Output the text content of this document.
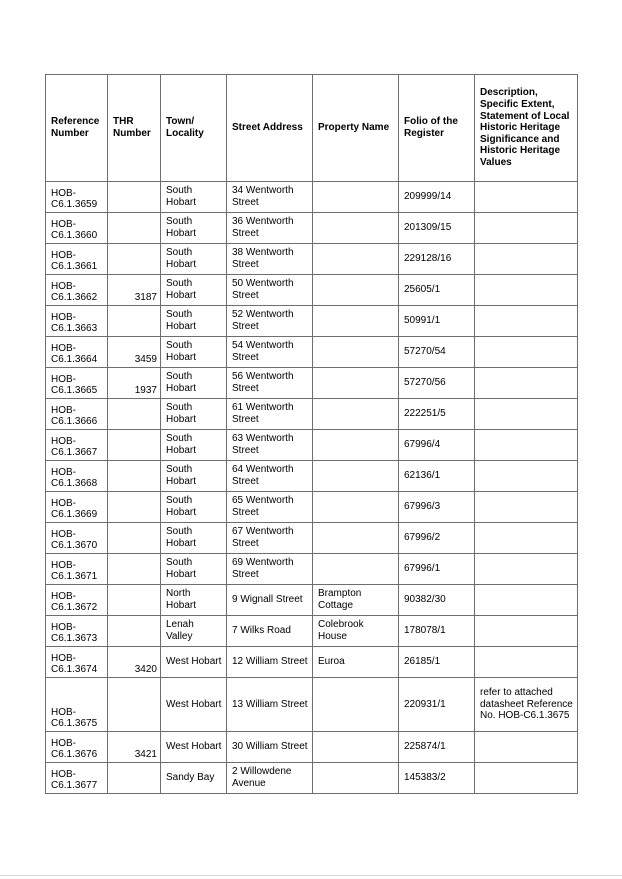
Reference Number	THR Number	Town/ Locality	Street Address	Property Name	Folio of the Register	Description, Specific Extent, Statement of Local Historic Heritage Significance and Historic Heritage Values
HOB-C6.1.3659		South Hobart	34 Wentworth Street		209999/14	
HOB-C6.1.3660		South Hobart	36 Wentworth Street		201309/15	
HOB-C6.1.3661		South Hobart	38 Wentworth Street		229128/16	
HOB-C6.1.3662	3187	South Hobart	50 Wentworth Street		25605/1	
HOB-C6.1.3663		South Hobart	52 Wentworth Street		50991/1	
HOB-C6.1.3664	3459	South Hobart	54 Wentworth Street		57270/54	
HOB-C6.1.3665	1937	South Hobart	56 Wentworth Street		57270/56	
HOB-C6.1.3666		South Hobart	61 Wentworth Street		222251/5	
HOB-C6.1.3667		South Hobart	63 Wentworth Street		67996/4	
HOB-C6.1.3668		South Hobart	64 Wentworth Street		62136/1	
HOB-C6.1.3669		South Hobart	65 Wentworth Street		67996/3	
HOB-C6.1.3670		South Hobart	67 Wentworth Street		67996/2	
HOB-C6.1.3671		South Hobart	69 Wentworth Street		67996/1	
HOB-C6.1.3672		North Hobart	9 Wignall Street	Brampton Cottage	90382/30	
HOB-C6.1.3673		Lenah Valley	7 Wilks Road	Colebrook House	178078/1	
HOB-C6.1.3674	3420	West Hobart	12 William Street	Euroa	26185/1	
HOB-C6.1.3675		West Hobart	13 William Street		220931/1	refer to attached datasheet Reference No. HOB-C6.1.3675
HOB-C6.1.3676	3421	West Hobart	30 William Street		225874/1	
HOB-C6.1.3677		Sandy Bay	2 Willowdene Avenue		145383/2	
